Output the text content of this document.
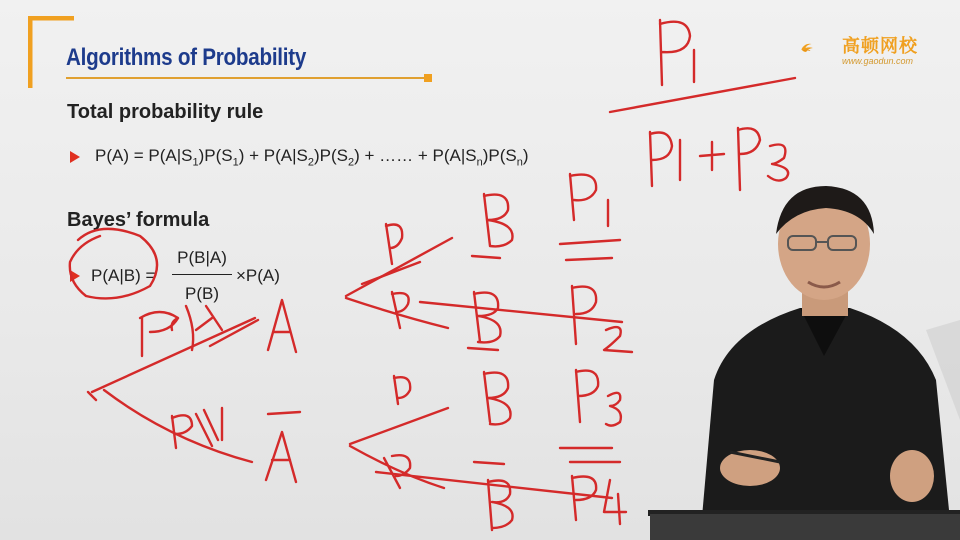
Algorithms of Probability	高顿网校
www.gaodun.com
Total probability rule
$P(A) = P(A|S_1)P(S_1) + P(A|S_2)P(S_2)$ + …… + $P(A|S_n)P(S_n)$
Bayes’ formula
P(A|B) =
P(B|A)
P(B)
×P(A)
